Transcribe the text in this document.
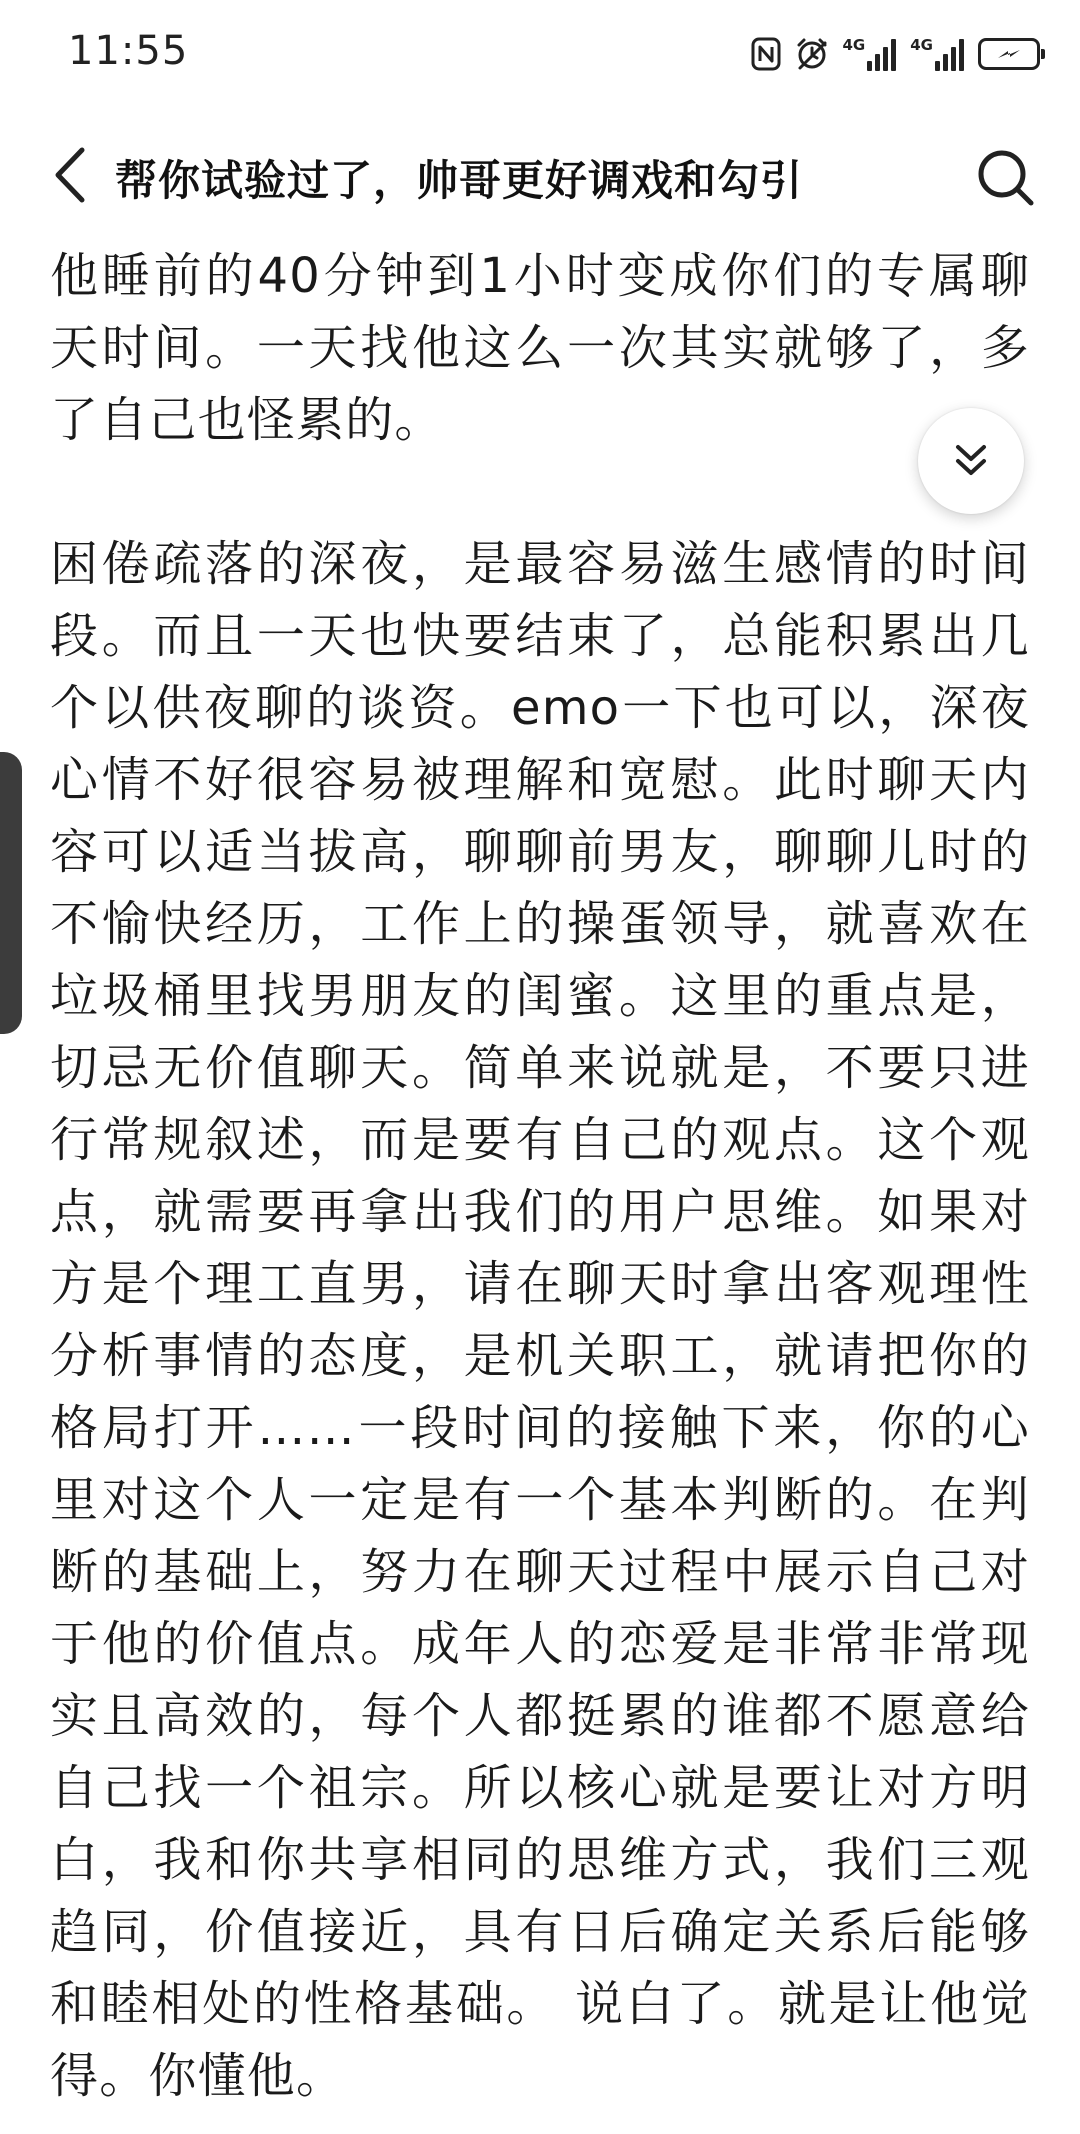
11:55	4G	4G
帮你试验过了，帅哥更好调戏和勾引

他睡前的40分钟到1小时变成你们的专属聊天时间。一天找他这么一次其实就够了，多了自己也怪累的。

困倦疏落的深夜，是最容易滋生感情的时间段。而且一天也快要结束了，总能积累出几个以供夜聊的谈资。emo一下也可以，深夜心情不好很容易被理解和宽慰。此时聊天内容可以适当拔高，聊聊前男友，聊聊儿时的不愉快经历，工作上的操蛋领导，就喜欢在垃圾桶里找男朋友的闺蜜。这里的重点是，切忌无价值聊天。简单来说就是，不要只进行常规叙述，而是要有自己的观点。这个观点，就需要再拿出我们的用户思维。如果对方是个理工直男，请在聊天时拿出客观理性分析事情的态度，是机关职工，就请把你的格局打开……一段时间的接触下来，你的心里对这个人一定是有一个基本判断的。在判断的基础上，努力在聊天过程中展示自己对于他的价值点。成年人的恋爱是非常非常现实且高效的，每个人都挺累的谁都不愿意给自己找一个祖宗。所以核心就是要让对方明白，我和你共享相同的思维方式，我们三观趋同，价值接近，具有日后确定关系后能够和睦相处的性格基础。 说白了。就是让他觉得。你懂他。
